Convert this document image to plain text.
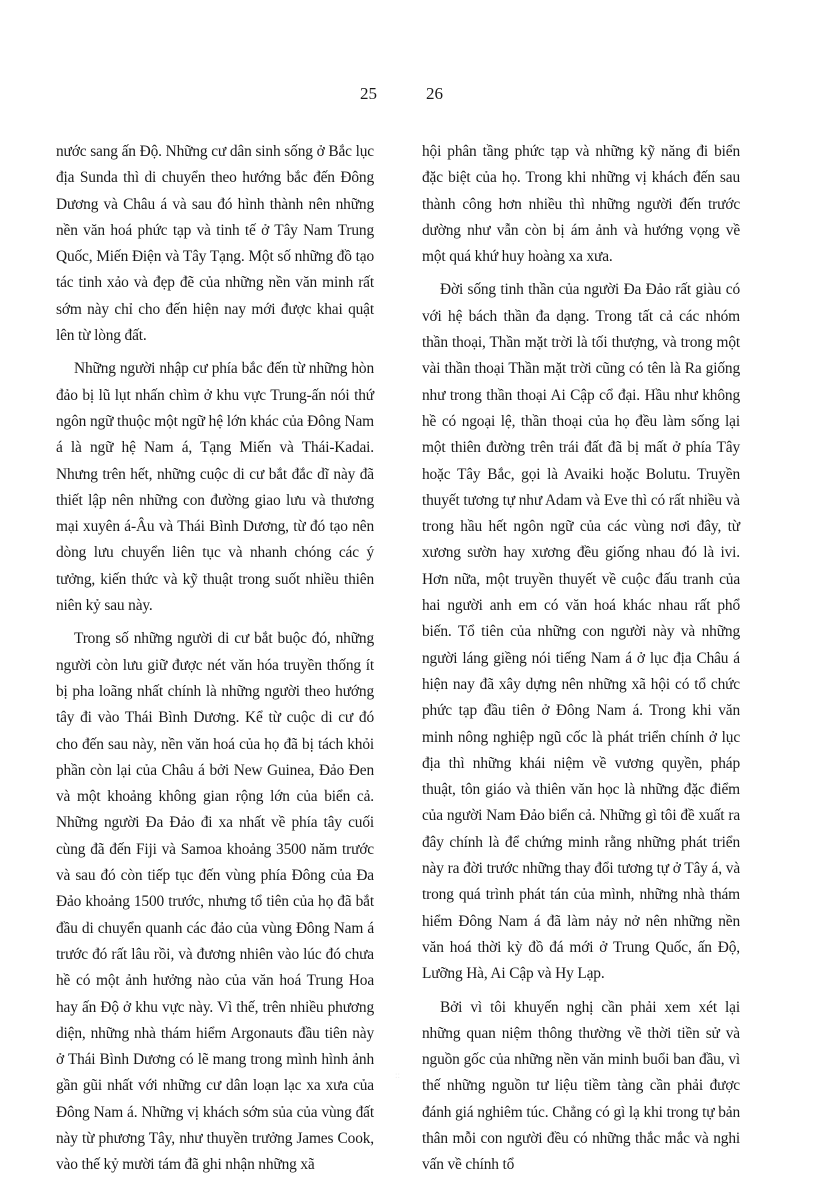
25	26

nước sang ấn Độ. Những cư dân sinh sống ở Bắc lục địa Sunda thì di chuyển theo hướng bắc đến Đông Dương và Châu á và sau đó hình thành nên những nền văn hoá phức tạp và tinh tế ở Tây Nam Trung Quốc, Miến Điện và Tây Tạng. Một số những đồ tạo tác tinh xảo và đẹp đẽ của những nền văn minh rất sớm này chỉ cho đến hiện nay mới được khai quật lên từ lòng đất.

Những người nhập cư phía bắc đến từ những hòn đảo bị lũ lụt nhấn chìm ở khu vực Trung-ấn nói thứ ngôn ngữ thuộc một ngữ hệ lớn khác của Đông Nam á là ngữ hệ Nam á, Tạng Miến và Thái-Kadai. Nhưng trên hết, những cuộc di cư bắt đắc dĩ này đã thiết lập nên những con đường giao lưu và thương mại xuyên á-Âu và Thái Bình Dương, từ đó tạo nên dòng lưu chuyển liên tục và nhanh chóng các ý tưởng, kiến thức và kỹ thuật trong suốt nhiều thiên niên kỷ sau này.

Trong số những người di cư bắt buộc đó, những người còn lưu giữ được nét văn hóa truyền thống ít bị pha loãng nhất chính là những người theo hướng tây đi vào Thái Bình Dương. Kể từ cuộc di cư đó cho đến sau này, nền văn hoá của họ đã bị tách khỏi phần còn lại của Châu á bởi New Guinea, Đảo Đen và một khoảng không gian rộng lớn của biển cả. Những người Đa Đảo đi xa nhất về phía tây cuối cùng đã đến Fiji và Samoa khoảng 3500 năm trước và sau đó còn tiếp tục đến vùng phía Đông của Đa Đảo khoảng 1500 trước, nhưng tổ tiên của họ đã bắt đầu di chuyển quanh các đảo của vùng Đông Nam á trước đó rất lâu rồi, và đương nhiên vào lúc đó chưa hề có một ảnh hưởng nào của văn hoá Trung Hoa hay ấn Độ ở khu vực này. Vì thế, trên nhiều phương diện, những nhà thám hiểm Argonauts đầu tiên này ở Thái Bình Dương có lẽ mang trong mình hình ảnh gần gũi nhất với những cư dân loạn lạc xa xưa của Đông Nam á. Những vị khách sớm sủa của vùng đất này từ phương Tây, như thuyền trưởng James Cook, vào thế kỷ mười tám đã ghi nhận những xã

hội phân tầng phức tạp và những kỹ năng đi biển đặc biệt của họ. Trong khi những vị khách đến sau thành công hơn nhiều thì những người đến trước dường như vẫn còn bị ám ảnh và hướng vọng về một quá khứ huy hoàng xa xưa.

Đời sống tinh thần của người Đa Đảo rất giàu có với hệ bách thần đa dạng. Trong tất cả các nhóm thần thoại, Thần mặt trời là tối thượng, và trong một vài thần thoại Thần mặt trời cũng có tên là Ra giống như trong thần thoại Ai Cập cổ đại. Hầu như không hề có ngoại lệ, thần thoại của họ đều làm sống lại một thiên đường trên trái đất đã bị mất ở phía Tây hoặc Tây Bắc, gọi là Avaiki hoặc Bolutu. Truyền thuyết tương tự như Adam và Eve thì có rất nhiều và trong hầu hết ngôn ngữ của các vùng nơi đây, từ xương sườn hay xương đều giống nhau đó là ivi. Hơn nữa, một truyền thuyết về cuộc đấu tranh của hai người anh em có văn hoá khác nhau rất phổ biến. Tổ tiên của những con người này và những người láng giềng nói tiếng Nam á ở lục địa Châu á hiện nay đã xây dựng nên những xã hội có tổ chức phức tạp đầu tiên ở Đông Nam á. Trong khi văn minh nông nghiệp ngũ cốc là phát triển chính ở lục địa thì những khái niệm về vương quyền, pháp thuật, tôn giáo và thiên văn học là những đặc điểm của người Nam Đảo biển cả. Những gì tôi đề xuất ra đây chính là để chứng minh rằng những phát triển này ra đời trước những thay đổi tương tự ở Tây á, và trong quá trình phát tán của mình, những nhà thám hiểm Đông Nam á đã làm nảy nở nên những nền văn hoá thời kỳ đồ đá mới ở Trung Quốc, ấn Độ, Lưỡng Hà, Ai Cập và Hy Lạp.

Bởi vì tôi khuyến nghị cần phải xem xét lại những quan niệm thông thường về thời tiền sử và nguồn gốc của những nền văn minh buổi ban đầu, vì thế những nguồn tư liệu tiềm tàng cần phải được đánh giá nghiêm túc. Chẳng có gì lạ khi trong tự bản thân mỗi con người đều có những thắc mắc và nghi vấn về chính tổ

::
